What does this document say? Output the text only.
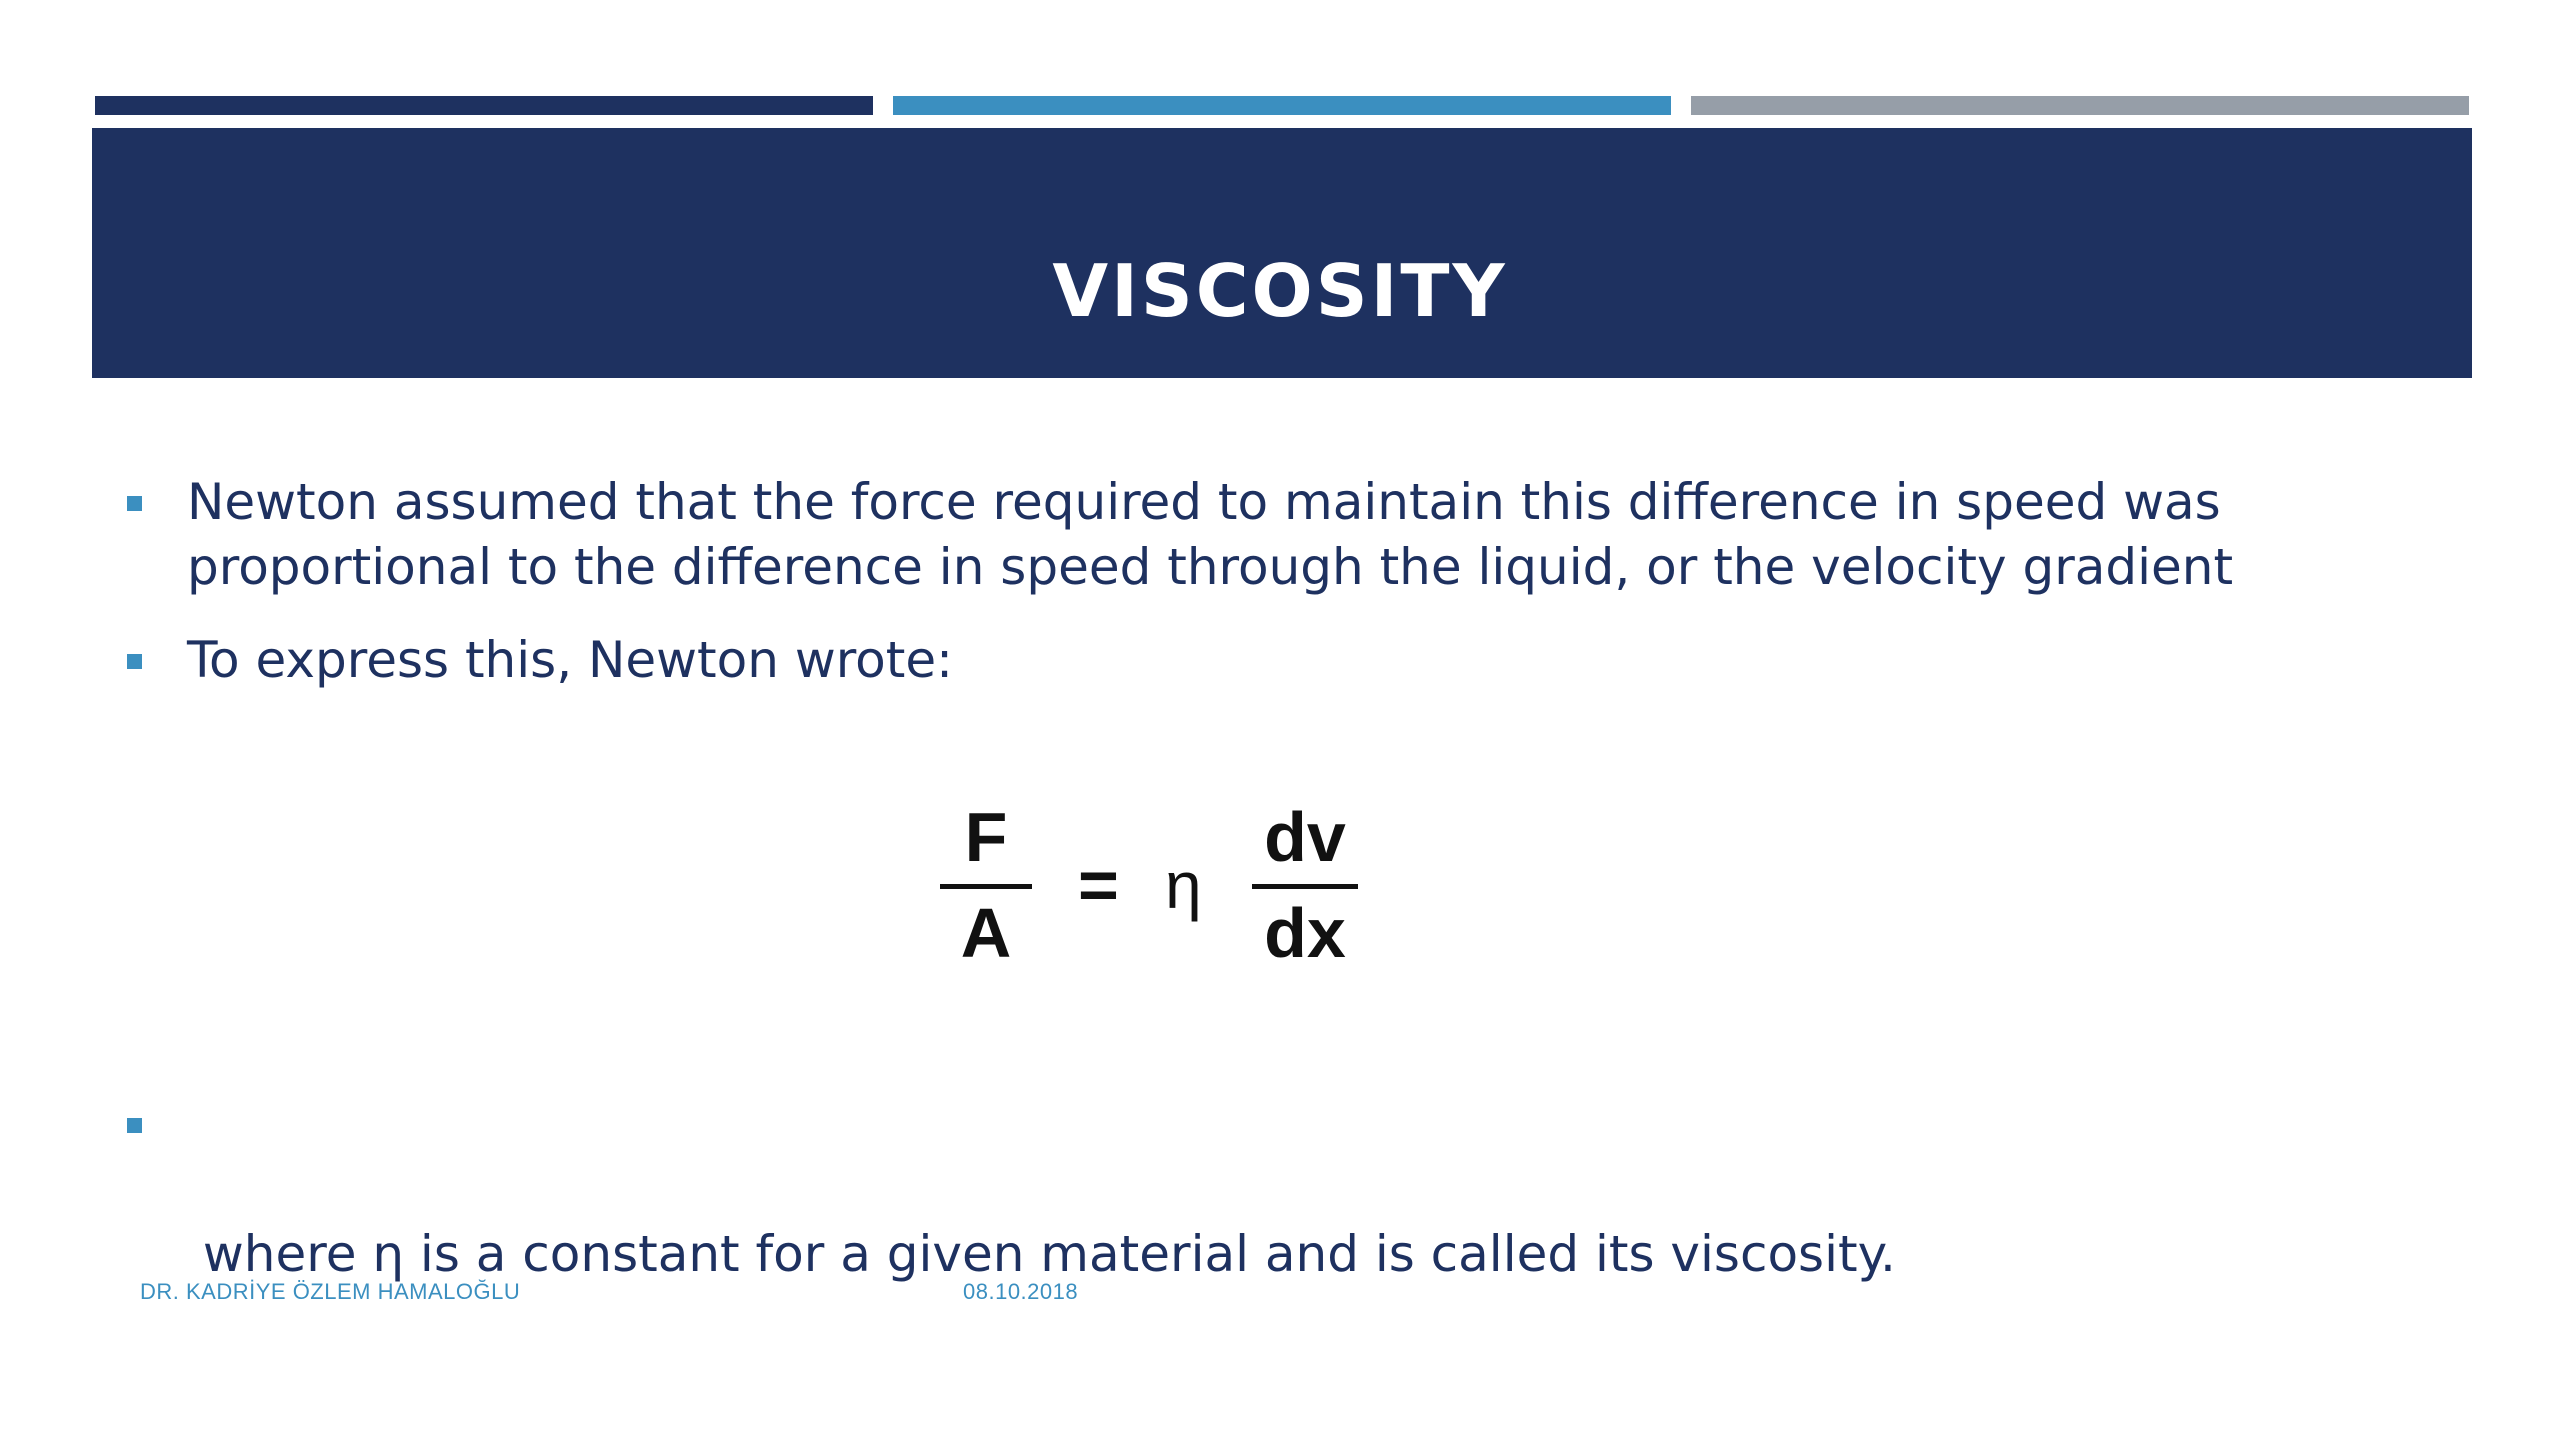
VISCOSITY
Newton assumed that the force required to maintain this difference in speed was
proportional to the difference in speed through the liquid, or the velocity gradient
To express this, Newton wrote:
F
A
= η
dv
dx

where η is a constant for a given material and is called its viscosity.

DR. KADRİYE ÖZLEM HAMALOĞLU	08.10.2018
